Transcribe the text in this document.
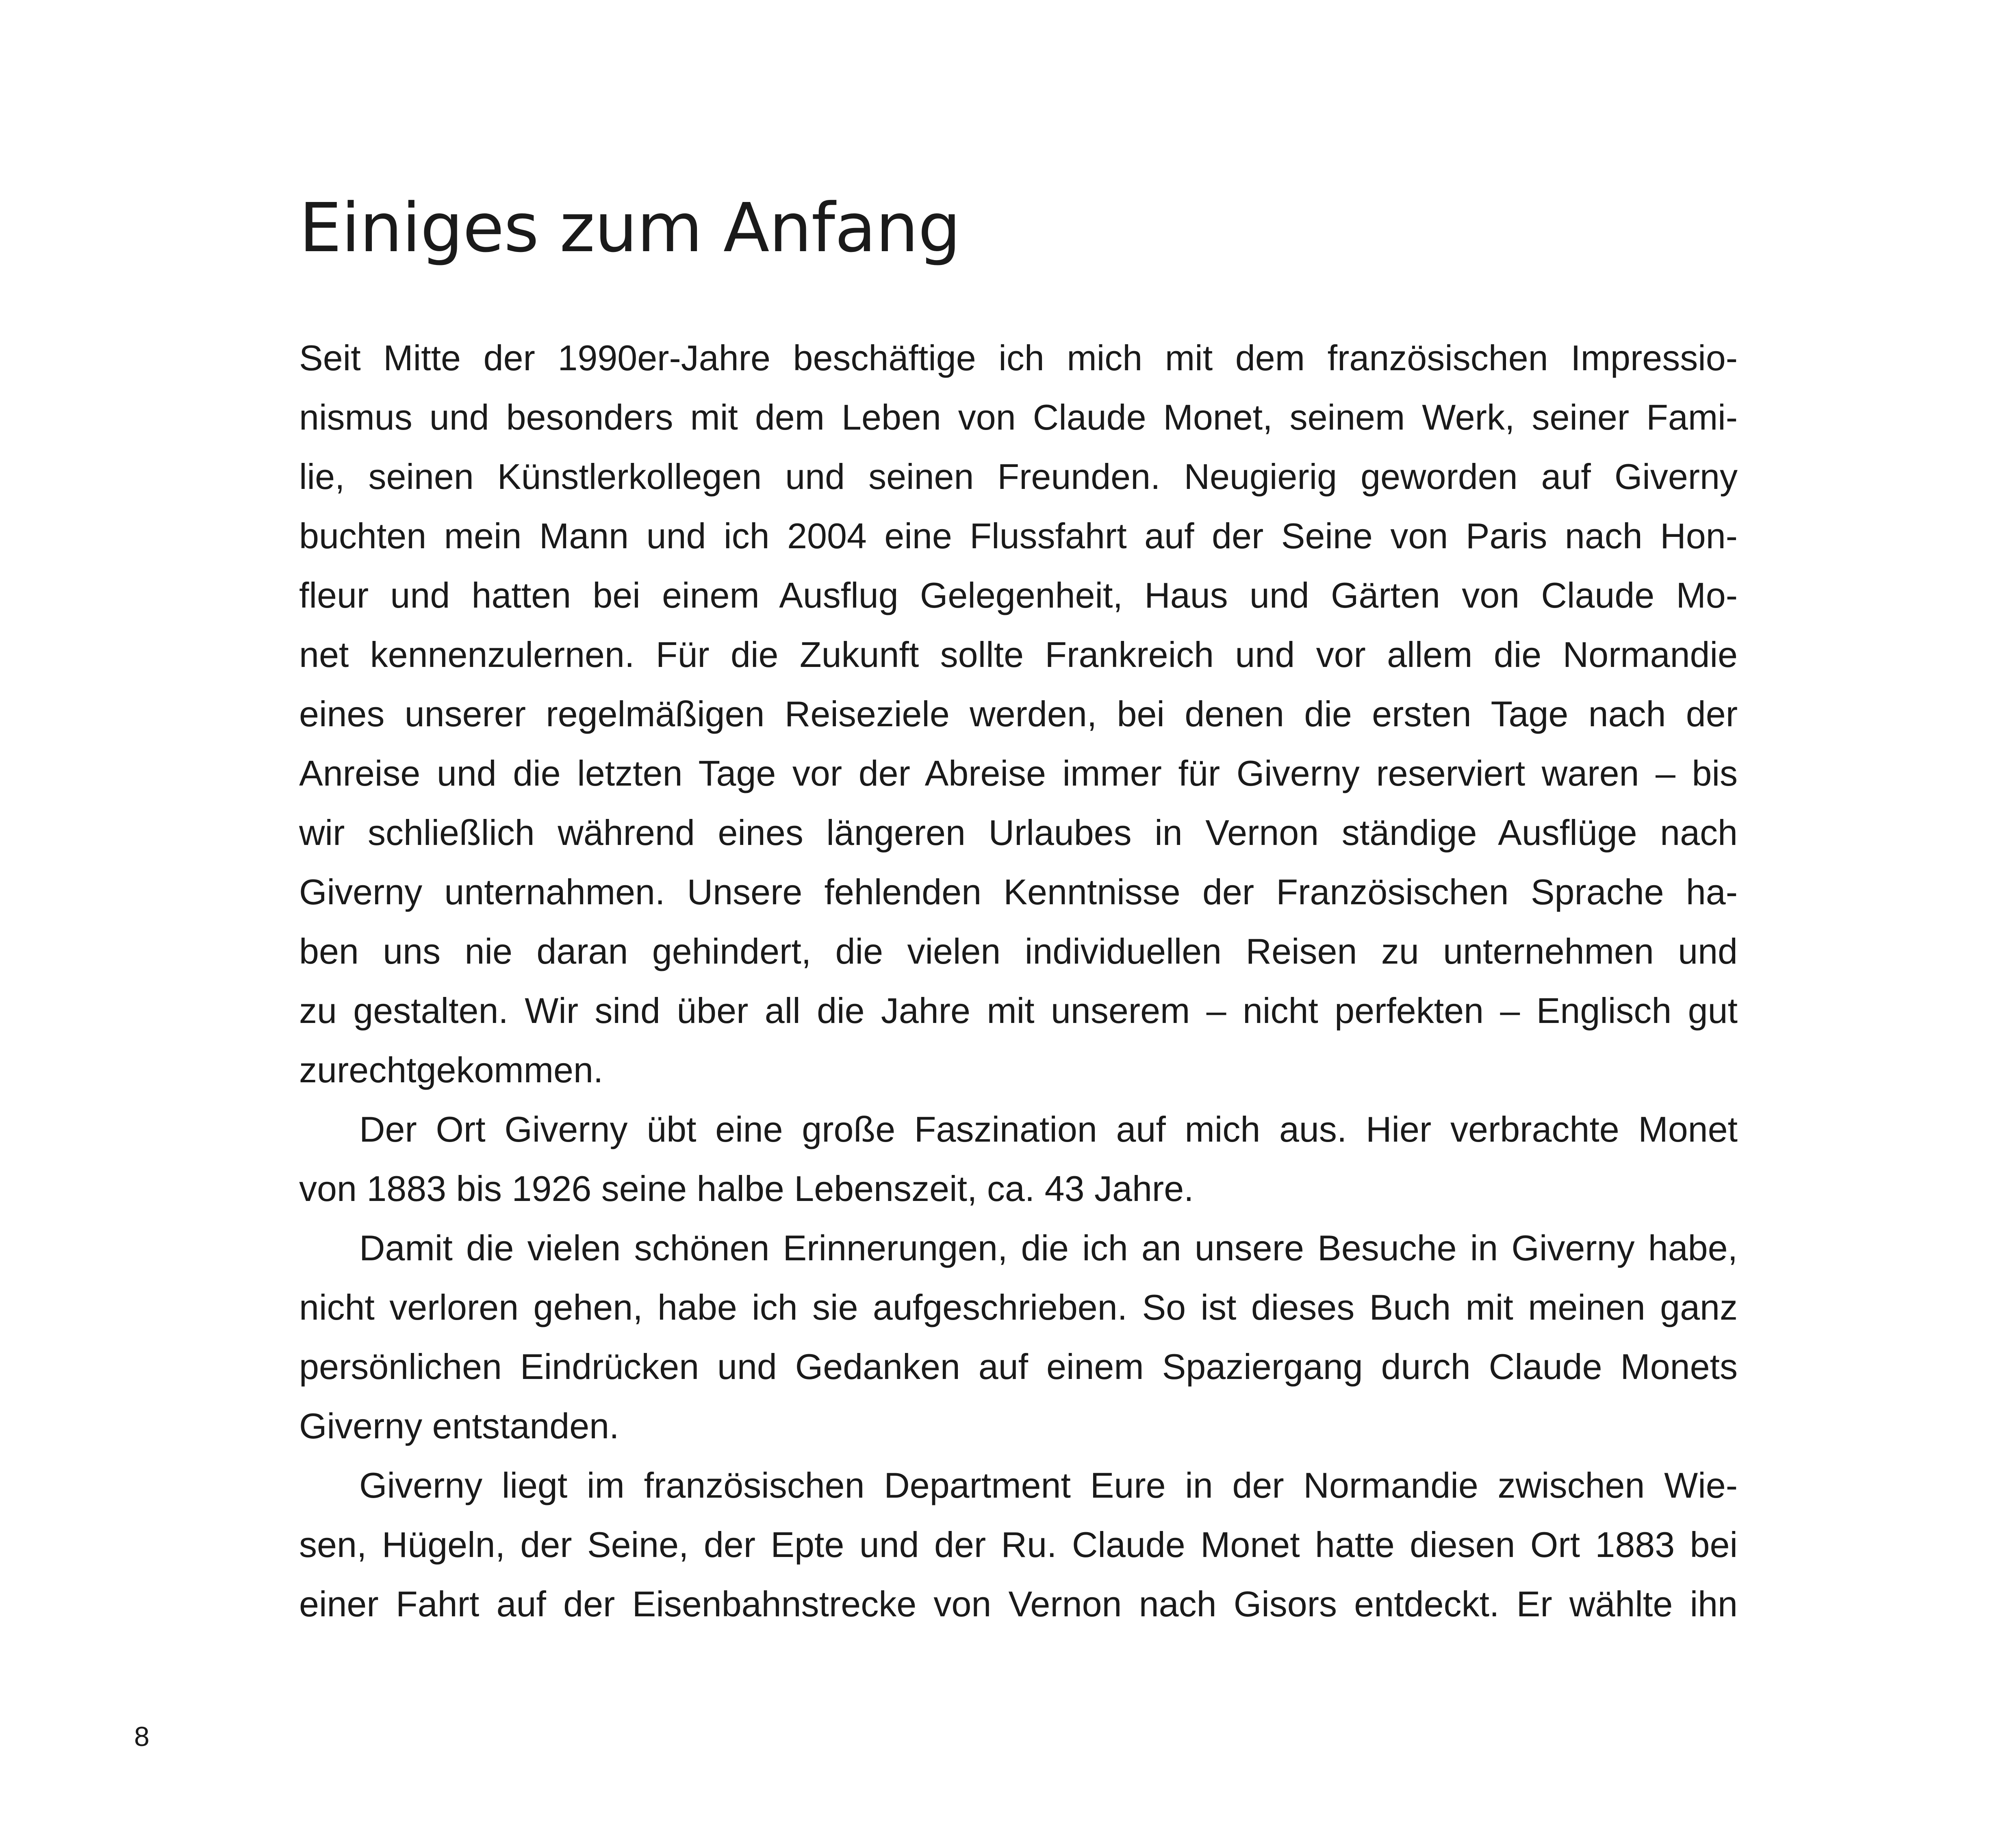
Einiges zum Anfang
Seit Mitte der 1990er-Jahre beschäftige ich mich mit dem französischen Impressio-
nismus und besonders mit dem Leben von Claude Monet, seinem Werk, seiner Fami-
lie, seinen Künstlerkollegen und seinen Freunden. Neugierig geworden auf Giverny
buchten mein Mann und ich 2004 eine Flussfahrt auf der Seine von Paris nach Hon-
fleur und hatten bei einem Ausflug Gelegenheit, Haus und Gärten von Claude Mo-
net kennenzulernen. Für die Zukunft sollte Frankreich und vor allem die Normandie
eines unserer regelmäßigen Reiseziele werden, bei denen die ersten Tage nach der
Anreise und die letzten Tage vor der Abreise immer für Giverny reserviert waren – bis
wir schließlich während eines längeren Urlaubes in Vernon ständige Ausflüge nach
Giverny unternahmen. Unsere fehlenden Kenntnisse der Französischen Sprache ha-
ben uns nie daran gehindert, die vielen individuellen Reisen zu unternehmen und
zu gestalten. Wir sind über all die Jahre mit unserem – nicht perfekten – Englisch gut
zurechtgekommen.
Der Ort Giverny übt eine große Faszination auf mich aus. Hier verbrachte Monet
von 1883 bis 1926 seine halbe Lebenszeit, ca. 43 Jahre.
Damit die vielen schönen Erinnerungen, die ich an unsere Besuche in Giverny habe,
nicht verloren gehen, habe ich sie aufgeschrieben. So ist dieses Buch mit meinen ganz
persönlichen Eindrücken und Gedanken auf einem Spaziergang durch Claude Monets
Giverny entstanden.
Giverny liegt im französischen Department Eure in der Normandie zwischen Wie-
sen, Hügeln, der Seine, der Epte und der Ru. Claude Monet hatte diesen Ort 1883 bei
einer Fahrt auf der Eisenbahnstrecke von Vernon nach Gisors entdeckt. Er wählte ihn
8
